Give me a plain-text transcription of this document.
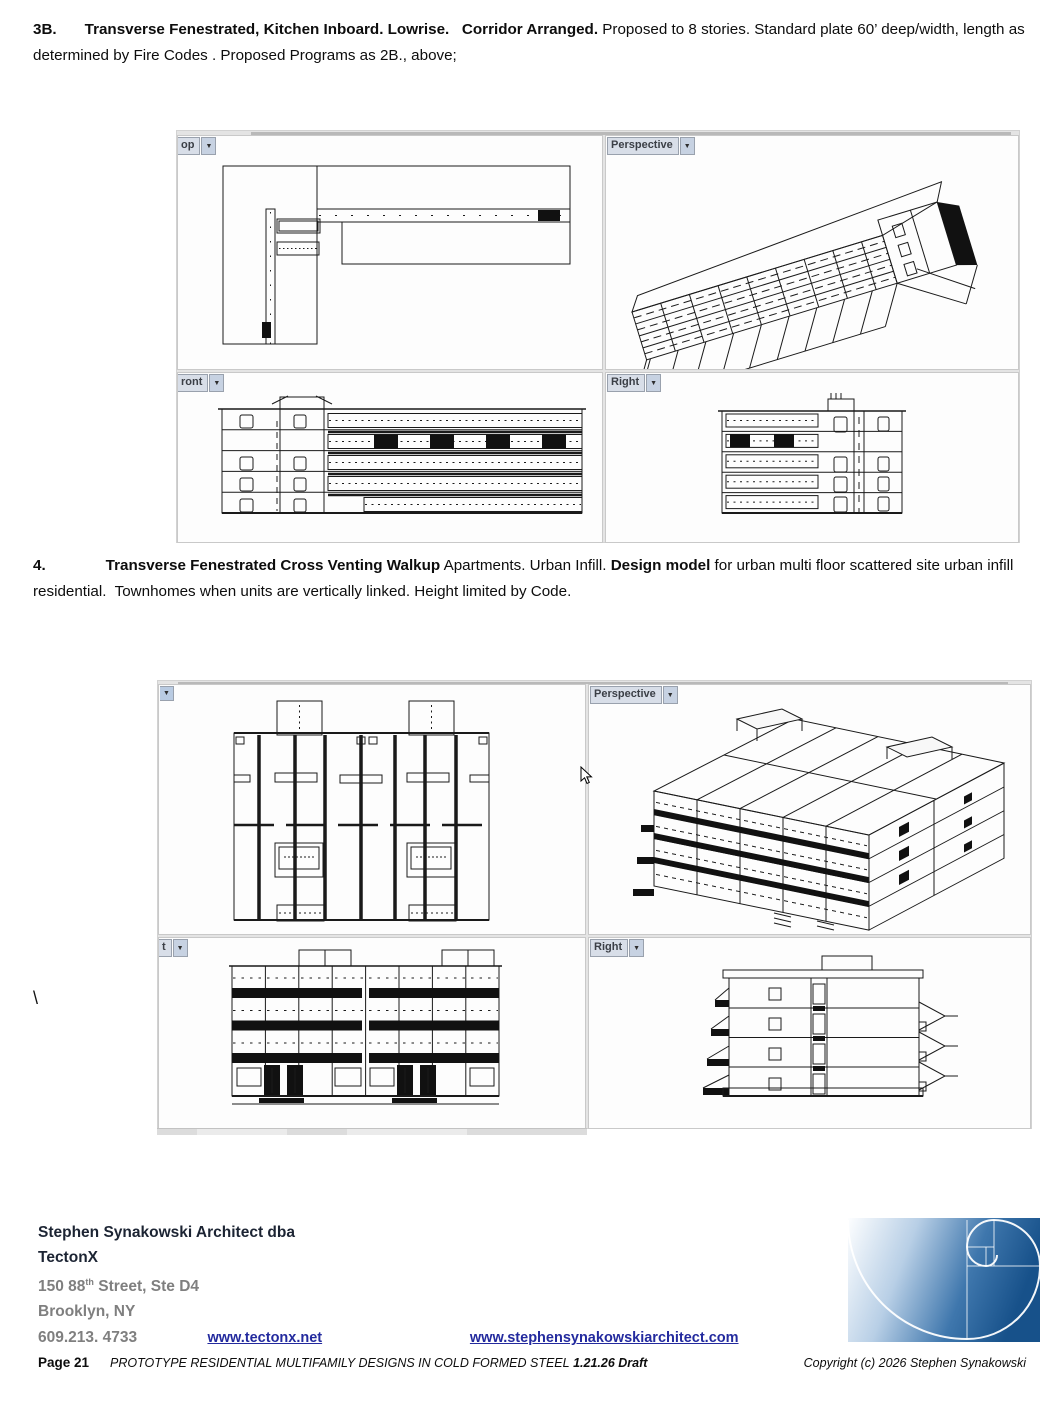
3B. Transverse Fenestrated, Kitchen Inboard. Lowrise.   Corridor Arranged. Proposed to 8 stories. Standard plate 60’ deep/width, length as determined by Fire Codes . Proposed Programs as 2B., above;
op	▼	Perspective	▼
ront	▼	Right	▼
4.	Transverse Fenestrated Cross Venting Walkup Apartments. Urban Infill. Design model for urban multi floor scattered site urban infill residential.  Townhomes when units are vertically linked. Height limited by Code.
▼	Perspective	▼
t	▼	Right	▼
\
Stephen Synakowski Architect dba
TectonX
150 88th Street, Ste D4
Brooklyn, NY
609.213. 4733	www.tectonx.net	www.stephensynakowskiarchitect.com
Page 21 PROTOTYPE RESIDENTIAL MULTIFAMILY DESIGNS IN COLD FORMED STEEL 1.21.26 Draft	Copyright (c) 2026 Stephen Synakowski
